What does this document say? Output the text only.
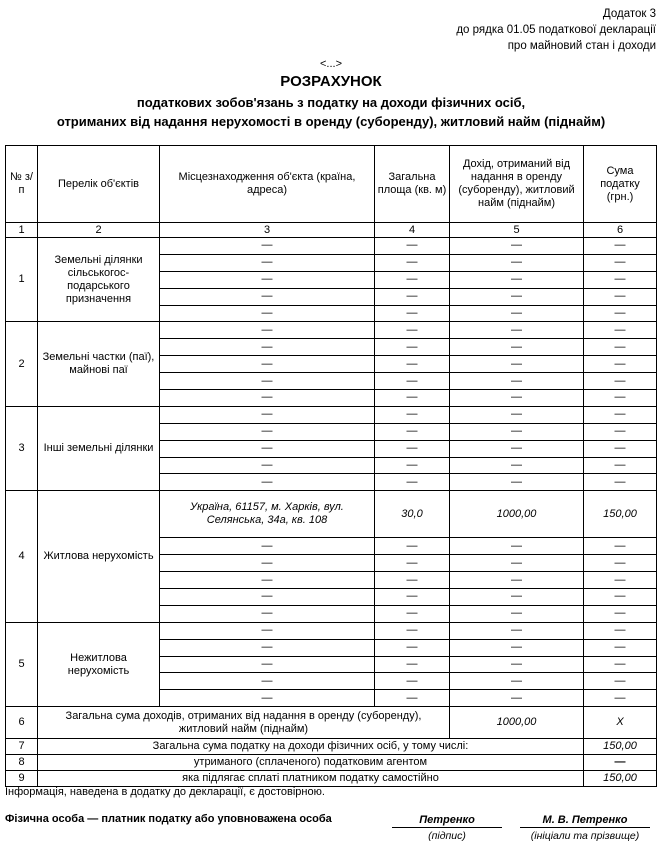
Додаток 3
до рядка 01.05 податкової декларації
про майновий стан і доходи
<...>
РОЗРАХУНОК
податкових зобов'язань з податку на доходи фізичних осіб,
отриманих від надання нерухомості в оренду (суборенду), житловий найм (піднайм)
№ з/п	Перелік об'єктів	Місцезнаходження об'єкта (країна, адреса)	Загальна площа (кв. м)	Дохід, отриманий від надання в оренду (суборенду), житловий найм (піднайм)	Сума податку (грн.)
1	2	3	4	5	6
1	Земельні ділянки сільськогос-подарського призначення	—	—	—	—
		—	—	—	—
		—	—	—	—
		—	—	—	—
		—	—	—	—
2	Земельні частки (паї), майнові паї	—	—	—	—
		—	—	—	—
		—	—	—	—
		—	—	—	—
		—	—	—	—
3	Інші земельні ділянки	—	—	—	—
		—	—	—	—
		—	—	—	—
		—	—	—	—
		—	—	—	—
4	Житлова нерухомість	Україна, 61157, м. Харків, вул. Селянська, 34а, кв. 108	30,0	1000,00	150,00
		—	—	—	—
		—	—	—	—
		—	—	—	—
		—	—	—	—
		—	—	—	—
5	Нежитлова нерухомість	—	—	—	—
		—	—	—	—
		—	—	—	—
		—	—	—	—
		—	—	—	—
6	Загальна сума доходів, отриманих від надання в оренду (суборенду), житловий найм (піднайм)			1000,00	Х
7	Загальна сума податку на доходи фізичних осіб, у тому числі:				150,00
8	утриманого (сплаченого) податковим агентом				—
9	яка підлягає сплаті платником податку самостійно				150,00
Інформація, наведена в додатку до декларації, є достовірною.
Фізична особа — платник податку або уповноважена особа	Петренко
(підпис)
М. В. Петренко
(ініціали та прізвище)
